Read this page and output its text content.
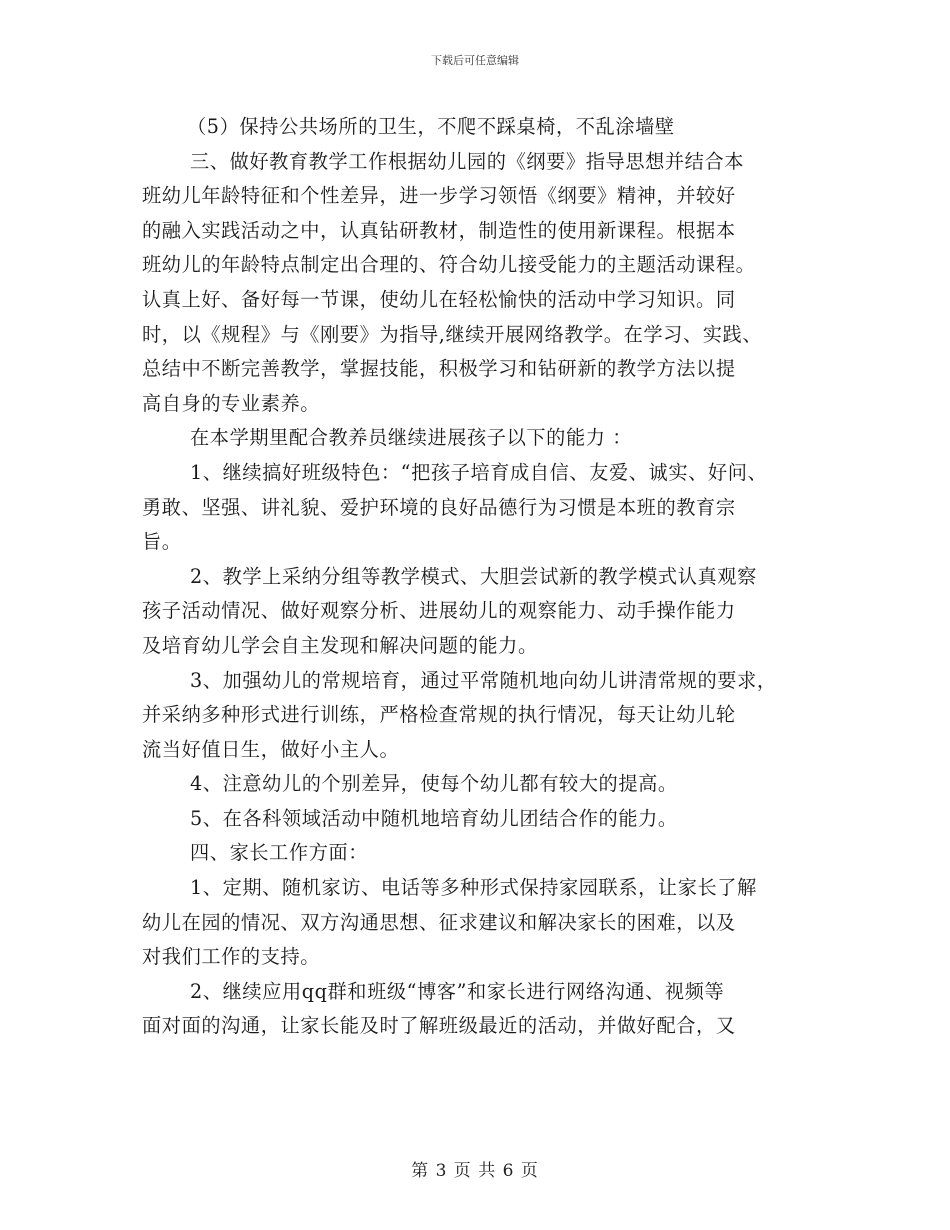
下载后可任意编辑
（5）保持公共场所的卫生，不爬不踩桌椅，不乱涂墙壁
三、做好教育教学工作根据幼儿园的《纲要》指导思想并结合本
班幼儿年龄特征和个性差异，进一步学习领悟《纲要》精神，并较好
的融入实践活动之中，认真钻研教材，制造性的使用新课程。根据本
班幼儿的年龄特点制定出合理的、符合幼儿接受能力的主题活动课程。
认真上好、备好每一节课，使幼儿在轻松愉快的活动中学习知识。同
时，以《规程》与《刚要》为指导,继续开展网络教学。在学习、实践、
总结中不断完善教学，掌握技能，积极学习和钻研新的教学方法以提
高自身的专业素养。
在本学期里配合教养员继续进展孩子以下的能力 ：
1、继续搞好班级特色：“把孩子培育成自信、友爱、诚实、好问、
勇敢、坚强、讲礼貌、爱护环境的良好品德行为习惯是本班的教育宗
旨。
2、教学上采纳分组等教学模式、大胆尝试新的教学模式认真观察
孩子活动情况、做好观察分析、进展幼儿的观察能力、动手操作能力
及培育幼儿学会自主发现和解决问题的能力。
3、加强幼儿的常规培育，通过平常随机地向幼儿讲清常规的要求，
并采纳多种形式进行训练，严格检查常规的执行情况，每天让幼儿轮
流当好值日生，做好小主人。
4、注意幼儿的个别差异，使每个幼儿都有较大的提高。
5、在各科领域活动中随机地培育幼儿团结合作的能力。
四、家长工作方面：
1、定期、随机家访、电话等多种形式保持家园联系，让家长了解
幼儿在园的情况、双方沟通思想、征求建议和解决家长的困难，以及
对我们工作的支持。
2、继续应用qq群和班级“博客”和家长进行网络沟通、视频等
面对面的沟通，让家长能及时了解班级最近的活动，并做好配合，又
第 3 页 共 6 页
